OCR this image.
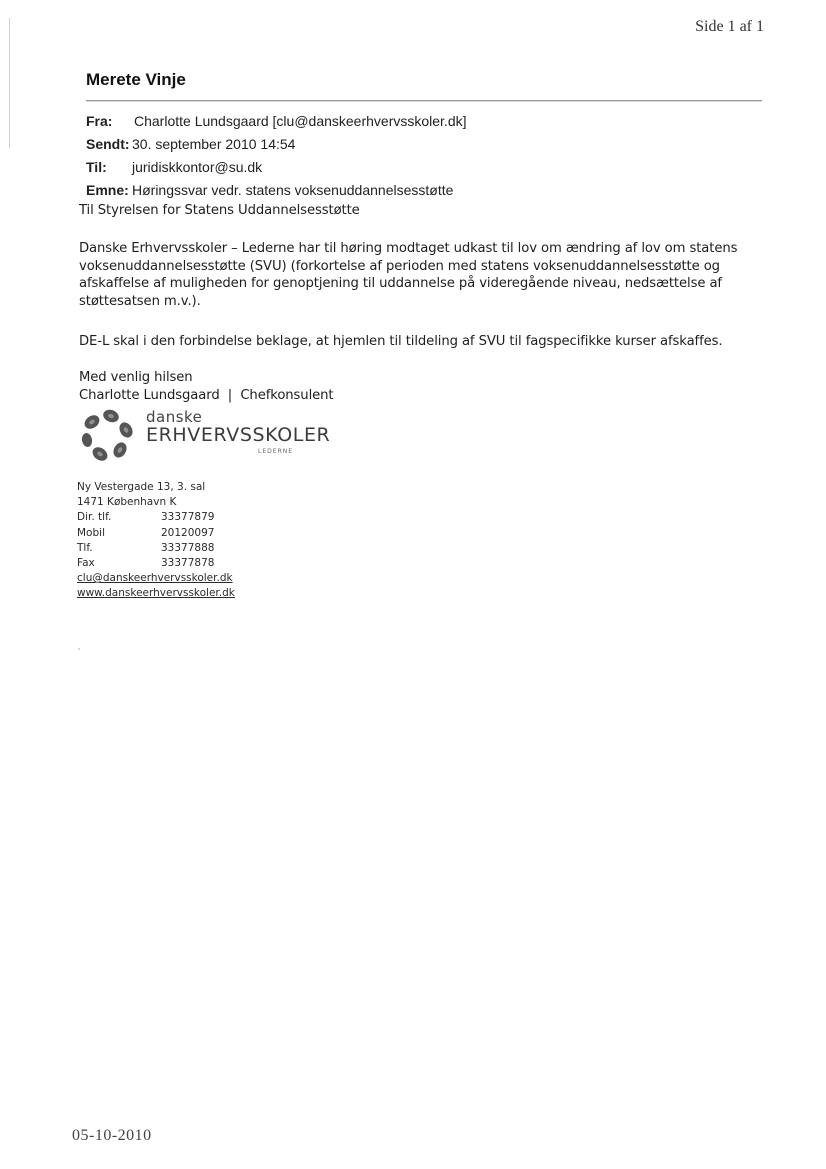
Side 1 af 1
Merete Vinje
Fra: Charlotte Lundsgaard [clu@danskeerhvervsskoler.dk]
Sendt: 30. september 2010 14:54
Til: juridiskkontor@su.dk
Emne: Høringssvar vedr. statens voksenuddannelsesstøtte
Til Styrelsen for Statens Uddannelsesstøtte
Danske Erhvervsskoler – Lederne har til høring modtaget udkast til lov om ændring af lov om statens voksenuddannelsesstøtte (SVU) (forkortelse af perioden med statens voksenuddannelsesstøtte og afskaffelse af muligheden for genoptjening til uddannelse på videregående niveau, nedsættelse af støttesatsen m.v.).
DE-L skal i den forbindelse beklage, at hjemlen til tildeling af SVU til fagspecifikke kurser afskaffes.
Med venlig hilsen
Charlotte Lundsgaard  |  Chefkonsulent
danske
ERHVERVSSKOLER
LEDERNE
Ny Vestergade 13, 3. sal
1471 København K
Dir. tlf.	33377879
Mobil	20120097
Tlf.	33377888
Fax	33377878
clu@danskeerhvervsskoler.dk
www.danskeerhvervsskoler.dk
05-10-2010
